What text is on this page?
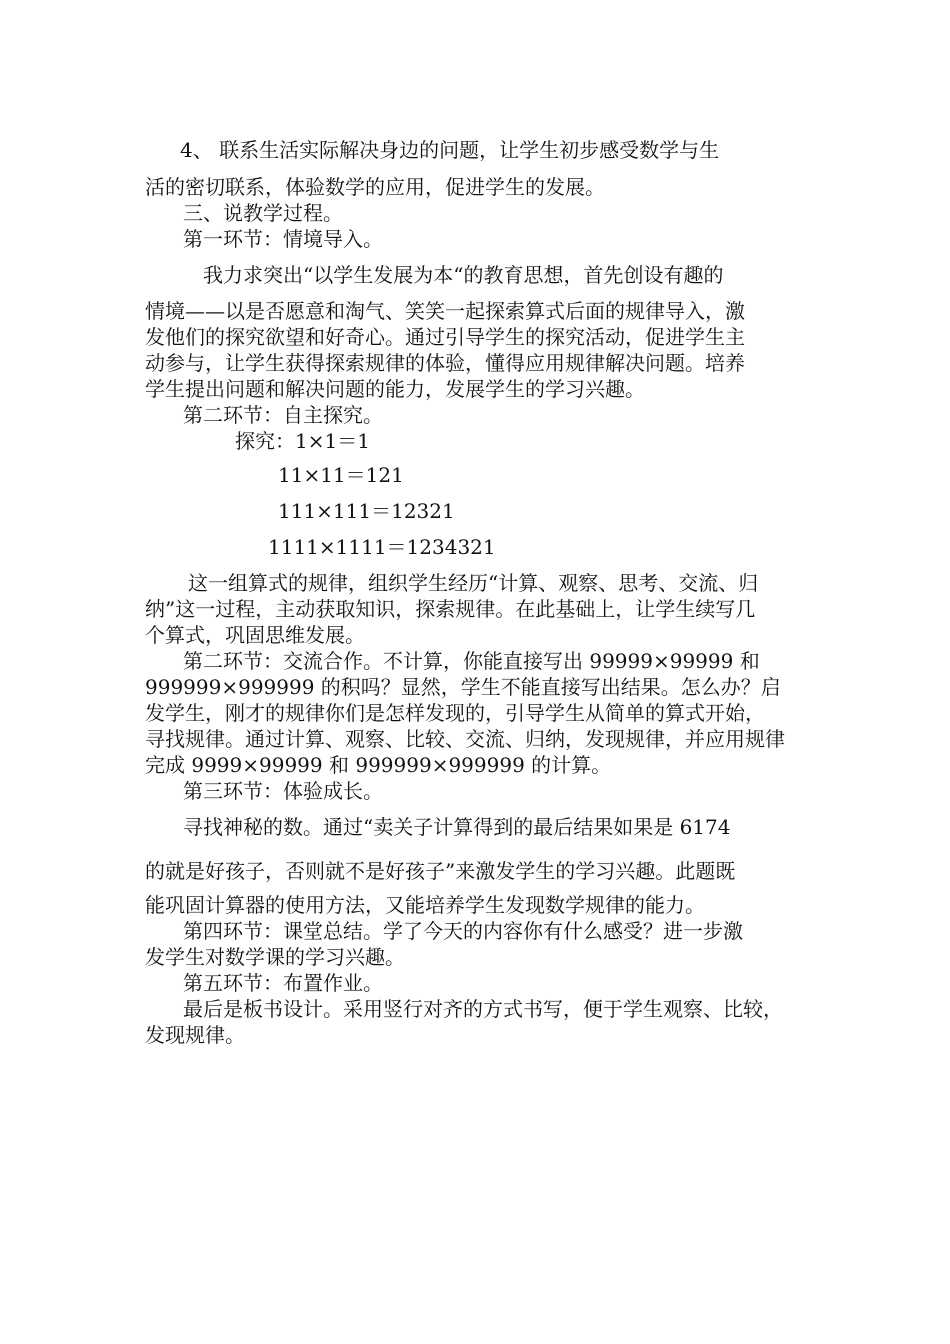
4、 联系生活实际解决身边的问题，让学生初步感受数学与生
活的密切联系，体验数学的应用，促进学生的发展。
三、说教学过程。
第一环节：情境导入。
我力求突出“以学生发展为本“的教育思想，首先创设有趣的
情境——以是否愿意和淘气、笑笑一起探索算式后面的规律导入，激
发他们的探究欲望和好奇心。通过引导学生的探究活动，促进学生主
动参与，让学生获得探索规律的体验，懂得应用规律解决问题。培养
学生提出问题和解决问题的能力，发展学生的学习兴趣。
第二环节：自主探究。
探究：1×1＝1
11×11＝121
111×111＝12321
1111×1111＝1234321
这一组算式的规律，组织学生经历“计算、观察、思考、交流、归
纳”这一过程，主动获取知识，探索规律。在此基础上，让学生续写几
个算式，巩固思维发展。
第二环节：交流合作。不计算，你能直接写出 99999×99999 和
999999×999999 的积吗？显然，学生不能直接写出结果。怎么办？启
发学生，刚才的规律你们是怎样发现的，引导学生从简单的算式开始，
寻找规律。通过计算、观察、比较、交流、归纳，发现规律，并应用规律
完成 9999×99999 和 999999×999999 的计算。
第三环节：体验成长。
寻找神秘的数。通过“卖关子计算得到的最后结果如果是 6174
的就是好孩子，否则就不是好孩子”来激发学生的学习兴趣。此题既
能巩固计算器的使用方法，又能培养学生发现数学规律的能力。
第四环节：课堂总结。学了今天的内容你有什么感受？进一步激
发学生对数学课的学习兴趣。
第五环节：布置作业。
最后是板书设计。采用竖行对齐的方式书写，便于学生观察、比较，
发现规律。
